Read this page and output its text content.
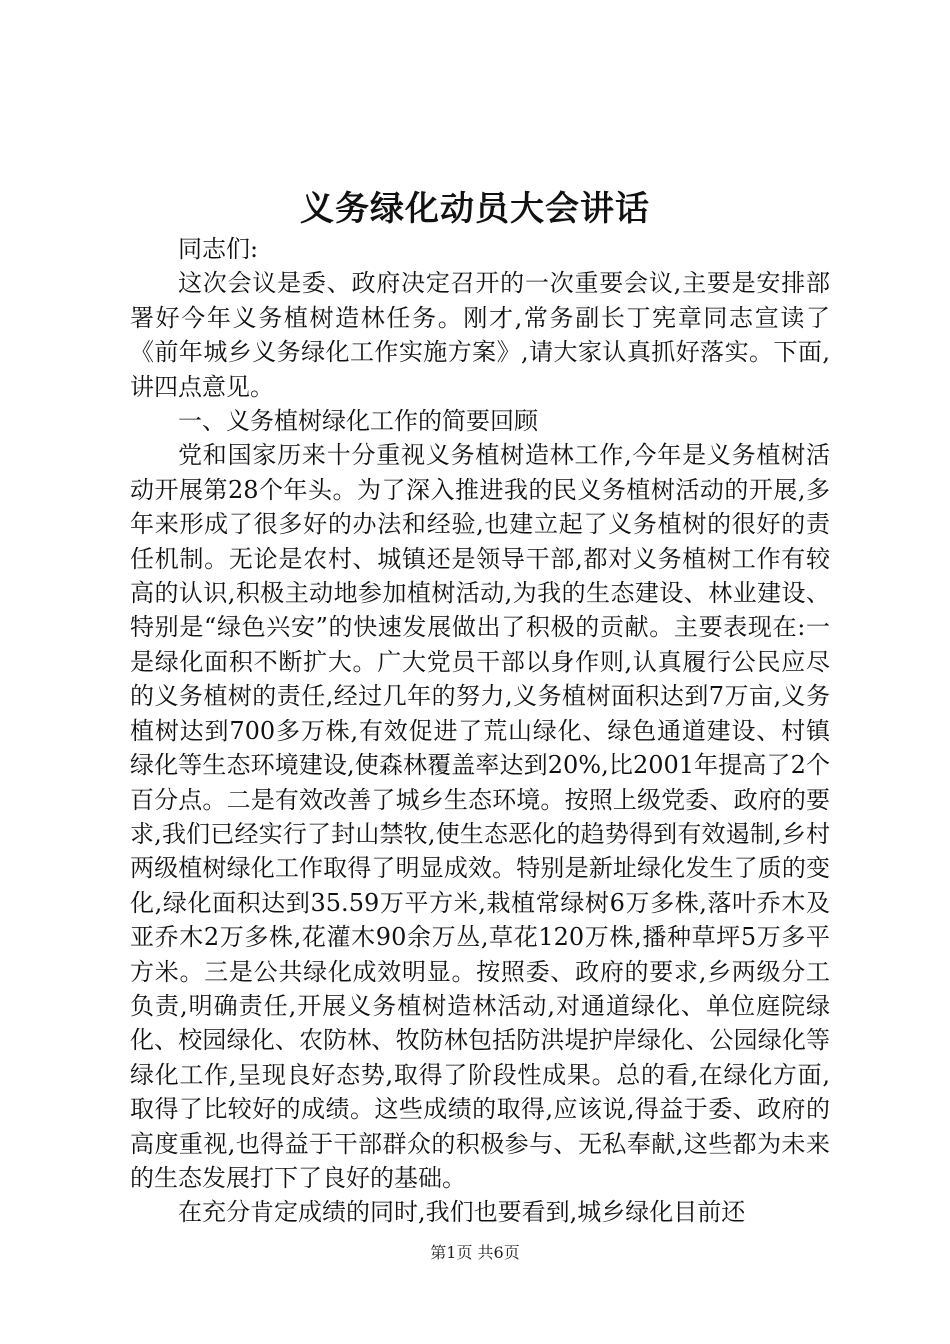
义务绿化动员大会讲话

同志们:

这次会议是委、政府决定召开的一次重要会议,主要是安排部署好今年义务植树造林任务。刚才,常务副长丁宪章同志宣读了《前年城乡义务绿化工作实施方案》,请大家认真抓好落实。下面,讲四点意见。

一、义务植树绿化工作的简要回顾

党和国家历来十分重视义务植树造林工作,今年是义务植树活动开展第28个年头。为了深入推进我的民义务植树活动的开展,多年来形成了很多好的办法和经验,也建立起了义务植树的很好的责任机制。无论是农村、城镇还是领导干部,都对义务植树工作有较高的认识,积极主动地参加植树活动,为我的生态建设、林业建设、特别是“绿色兴安”的快速发展做出了积极的贡献。主要表现在:一是绿化面积不断扩大。广大党员干部以身作则,认真履行公民应尽的义务植树的责任,经过几年的努力,义务植树面积达到7万亩,义务植树达到700多万株,有效促进了荒山绿化、绿色通道建设、村镇绿化等生态环境建设,使森林覆盖率达到20%,比2001年提高了2个百分点。二是有效改善了城乡生态环境。按照上级党委、政府的要求,我们已经实行了封山禁牧,使生态恶化的趋势得到有效遏制,乡村两级植树绿化工作取得了明显成效。特别是新址绿化发生了质的变化,绿化面积达到35.59万平方米,栽植常绿树6万多株,落叶乔木及亚乔木2万多株,花灌木90余万丛,草花120万株,播种草坪5万多平方米。三是公共绿化成效明显。按照委、政府的要求,乡两级分工负责,明确责任,开展义务植树造林活动,对通道绿化、单位庭院绿化、校园绿化、农防林、牧防林包括防洪堤护岸绿化、公园绿化等绿化工作,呈现良好态势,取得了阶段性成果。总的看,在绿化方面,取得了比较好的成绩。这些成绩的取得,应该说,得益于委、政府的高度重视,也得益于干部群众的积极参与、无私奉献,这些都为未来的生态发展打下了良好的基础。

在充分肯定成绩的同时,我们也要看到,城乡绿化目前还

第1页 共6页
